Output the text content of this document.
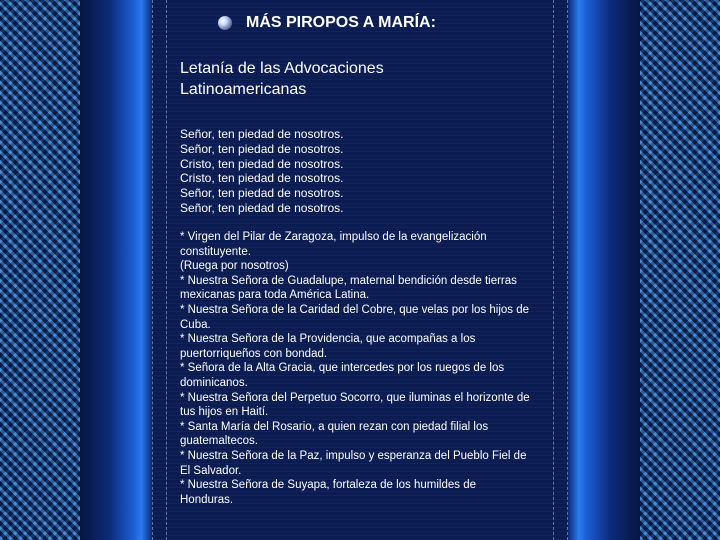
MÁS PIROPOS A MARÍA:
Letanía de las Advocaciones
Latinoamericanas
Señor, ten piedad de nosotros.
Señor, ten piedad de nosotros.
Cristo, ten piedad de nosotros.
Cristo, ten piedad de nosotros.
Señor, ten piedad de nosotros.
Señor, ten piedad de nosotros.
* Virgen del Pilar de Zaragoza, impulso de la evangelización constituyente.
(Ruega por nosotros)
* Nuestra Señora de Guadalupe, maternal bendición desde tierras mexicanas para toda América Latina.
* Nuestra Señora de la Caridad del Cobre, que velas por los hijos de Cuba.
* Nuestra Señora de la Providencia, que acompañas a los puertorriqueños con bondad.
* Señora de la Alta Gracia, que intercedes por los ruegos de los dominicanos.
* Nuestra Señora del Perpetuo Socorro, que iluminas el horizonte de tus hijos en Haití.
* Santa María del Rosario, a quien rezan con piedad filial los guatemaltecos.
* Nuestra Señora de la Paz, impulso y esperanza del Pueblo Fiel de El Salvador.
* Nuestra Señora de Suyapa, fortaleza de los humildes de Honduras.
